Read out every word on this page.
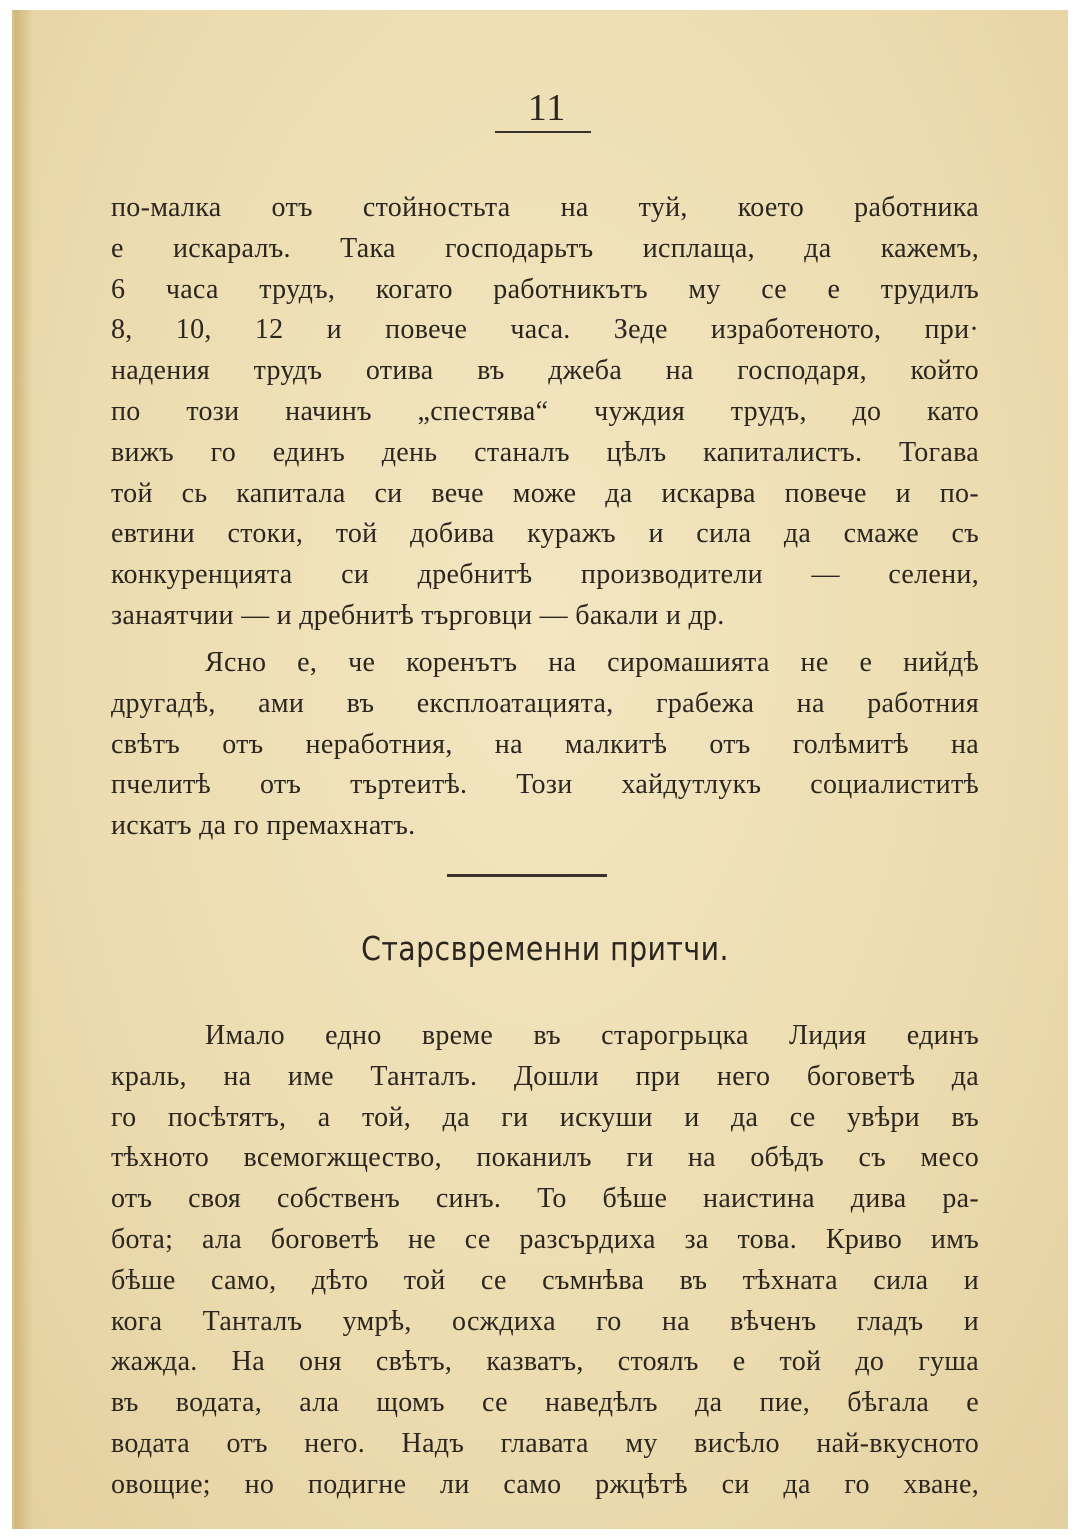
11
по-малка отъ стойностьта на туй, което работника
е искаралъ. Така господарьтъ исплаща, да кажемъ,
6 часа трудъ, когато работникътъ му се е трудилъ
8, 10, 12 и повече часа. Зеде изработеното, при·
надения трудъ отива въ джеба на господаря, който
по този начинъ „спестява“ чуждия трудъ, до като
вижъ го единъ день станалъ цѣлъ капиталистъ. Тогава
той сь капитала си вече може да искарва повече и по-
евтини стоки, той добива куражъ и сила да смаже съ
конкуренцията си дребнитѣ производители — селени,
занаятчии — и дребнитѣ търговци — бакали и др.
Ясно е, че коренътъ на сиромашията не е нийдѣ
другадѣ, ами въ експлоатацията, грабежа на работния
свѣтъ отъ неработния, на малкитѣ отъ голѣмитѣ на
пчелитѣ отъ търтеитѣ. Този хайдутлукъ социалиститѣ
искатъ да го премахнатъ.
Старсвременни притчи.
Имало едно време въ старогрьцка Лидия единъ
краль, на име Танталъ. Дошли при него боговетѣ да
го посѣтятъ, а той, да ги искуши и да се увѣри въ
тѣхното всемогжщество, поканилъ ги на обѣдъ съ месо
отъ своя собственъ синъ. То бѣше наистина дива ра-
бота; ала боговетѣ не се разсърдиха за това. Криво имъ
бѣше само, дѣто той се съмнѣва въ тѣхната сила и
кога Танталъ умрѣ, осждиха го на вѣченъ гладъ и
жажда. На оня свѣтъ, казватъ, стоялъ е той до гуша
въ водата, ала щомъ се наведѣлъ да пие, бѣгала е
водата отъ него. Надъ главата му висѣло най-вкусното
овощие; но подигне ли само ржцѣтѣ си да го хване,
